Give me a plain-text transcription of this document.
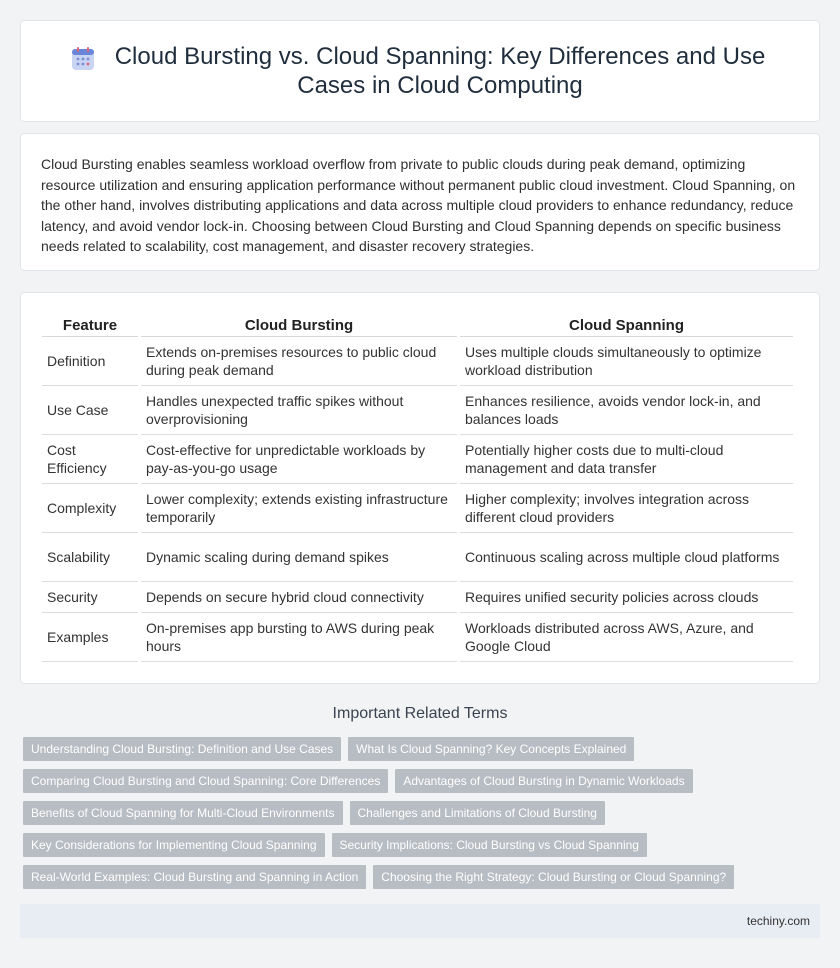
Cloud Bursting vs. Cloud Spanning: Key Differences and Use Cases in Cloud Computing

Cloud Bursting enables seamless workload overflow from private to public clouds during peak demand, optimizing resource utilization and ensuring application performance without permanent public cloud investment. Cloud Spanning, on the other hand, involves distributing applications and data across multiple cloud providers to enhance redundancy, reduce latency, and avoid vendor lock-in. Choosing between Cloud Bursting and Cloud Spanning depends on specific business needs related to scalability, cost management, and disaster recovery strategies.

Feature	Cloud Bursting	Cloud Spanning
Definition	Extends on-premises resources to public cloud during peak demand	Uses multiple clouds simultaneously to optimize workload distribution
Use Case	Handles unexpected traffic spikes without overprovisioning	Enhances resilience, avoids vendor lock-in, and balances loads
Cost Efficiency	Cost-effective for unpredictable workloads by pay-as-you-go usage	Potentially higher costs due to multi-cloud management and data transfer
Complexity	Lower complexity; extends existing infrastructure temporarily	Higher complexity; involves integration across different cloud providers
Scalability	Dynamic scaling during demand spikes	Continuous scaling across multiple cloud platforms
Security	Depends on secure hybrid cloud connectivity	Requires unified security policies across clouds
Examples	On-premises app bursting to AWS during peak hours	Workloads distributed across AWS, Azure, and Google Cloud
Important Related Terms
Understanding Cloud Bursting: Definition and Use Cases	What Is Cloud Spanning? Key Concepts Explained
Comparing Cloud Bursting and Cloud Spanning: Core Differences	Advantages of Cloud Bursting in Dynamic Workloads
Benefits of Cloud Spanning for Multi-Cloud Environments	Challenges and Limitations of Cloud Bursting
Key Considerations for Implementing Cloud Spanning	Security Implications: Cloud Bursting vs Cloud Spanning
Real-World Examples: Cloud Bursting and Spanning in Action	Choosing the Right Strategy: Cloud Bursting or Cloud Spanning?
techiny.com
